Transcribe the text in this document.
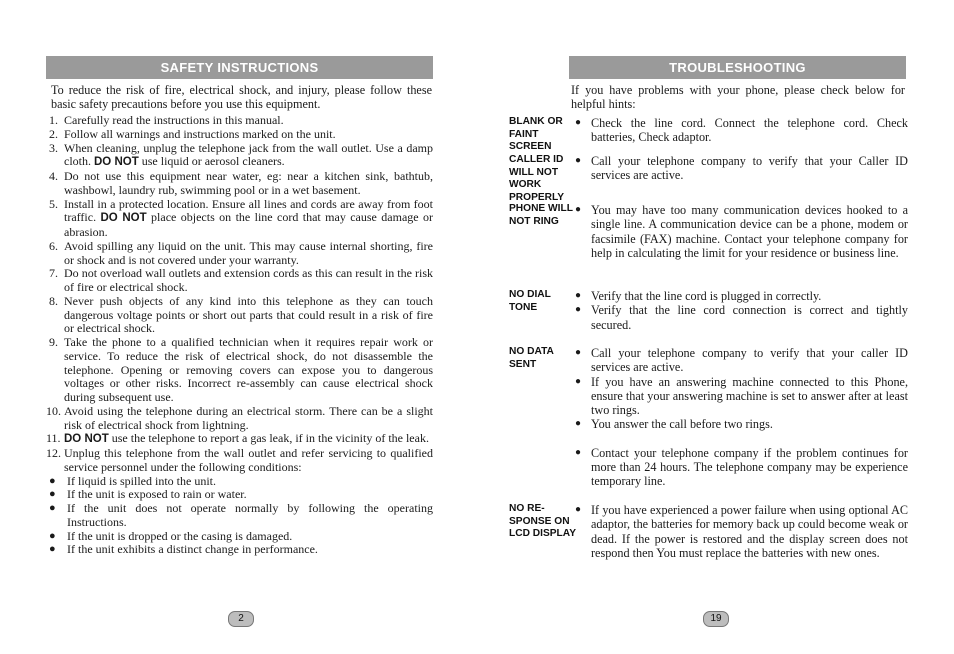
SAFETY INSTRUCTIONS
To reduce the risk of fire, electrical shock, and injury, please follow these basic safety precautions before you use this equipment.
1. Carefully read the instructions in this manual.
2. Follow all warnings and instructions marked on the unit.
3. When cleaning, unplug the telephone jack from the wall outlet. Use a damp cloth. DO NOT use liquid or aerosol cleaners.
4. Do not use this equipment near water, eg: near a kitchen sink, bathtub, washbowl, laundry rub, swimming pool or in a wet basement.
5. Install in a protected location. Ensure all lines and cords are away from foot traffic. DO NOT place objects on the line cord that may cause damage or abrasion.
6. Avoid spilling any liquid on the unit. This may cause internal shorting, fire or shock and is not covered under your warranty.
7. Do not overload wall outlets and extension cords as this can result in the risk of fire or electrical shock.
8. Never push objects of any kind into this telephone as they can touch dangerous voltage points or short out parts that could result in a risk of fire or electrical shock.
9. Take the phone to a qualified technician when it requires repair work or service. To reduce the risk of electrical shock, do not disassemble the telephone. Opening or removing covers can expose you to dangerous voltages or other risks. Incorrect re-assembly can cause electrical shock during subsequent use.
10. Avoid using the telephone during an electrical storm. There can be a slight risk of electrical shock from lightning.
11. DO NOT use the telephone to report a gas leak, if in the vicinity of the leak.
12. Unplug this telephone from the wall outlet and refer servicing to qualified service personnel under the following conditions:
● If liquid is spilled into the unit.
● If the unit is exposed to rain or water.
● If the unit does not operate normally by following the operating Instructions.
● If the unit is dropped or the casing is damaged.
● If the unit exhibits a distinct change in performance.
2
TROUBLESHOOTING
If you have problems with your phone, please check below for helpful hints:
BLANK OR FAINT SCREEN
● Check the line cord. Connect the telephone cord. Check batteries, Check adaptor.
CALLER ID WILL NOT WORK PROPERLY
● Call your telephone company to verify that your Caller ID services are active.
PHONE WILL NOT RING
● You may have too many communication devices hooked to a single line. A communication device can be a phone, modem or facsimile (FAX) machine. Contact your telephone company for help in calculating the limit for your residence or business line.
NO DIAL TONE
● Verify that the line cord is plugged in correctly.
● Verify that the line cord connection is correct and tightly secured.
NO DATA SENT
● Call your telephone company to verify that your caller ID services are active.
● If you have an answering machine connected to this Phone, ensure that your answering machine is set to answer after at least two rings.
● You answer the call before two rings.
● Contact your telephone company if the problem continues for more than 24 hours. The telephone company may be experience temporary line.
NO RE-SPONSE ON LCD DISPLAY
● If you have experienced a power failure when using optional AC adaptor, the batteries for memory back up could become weak or dead. If the power is restored and the display screen does not respond then You must replace the batteries with new ones.
19
